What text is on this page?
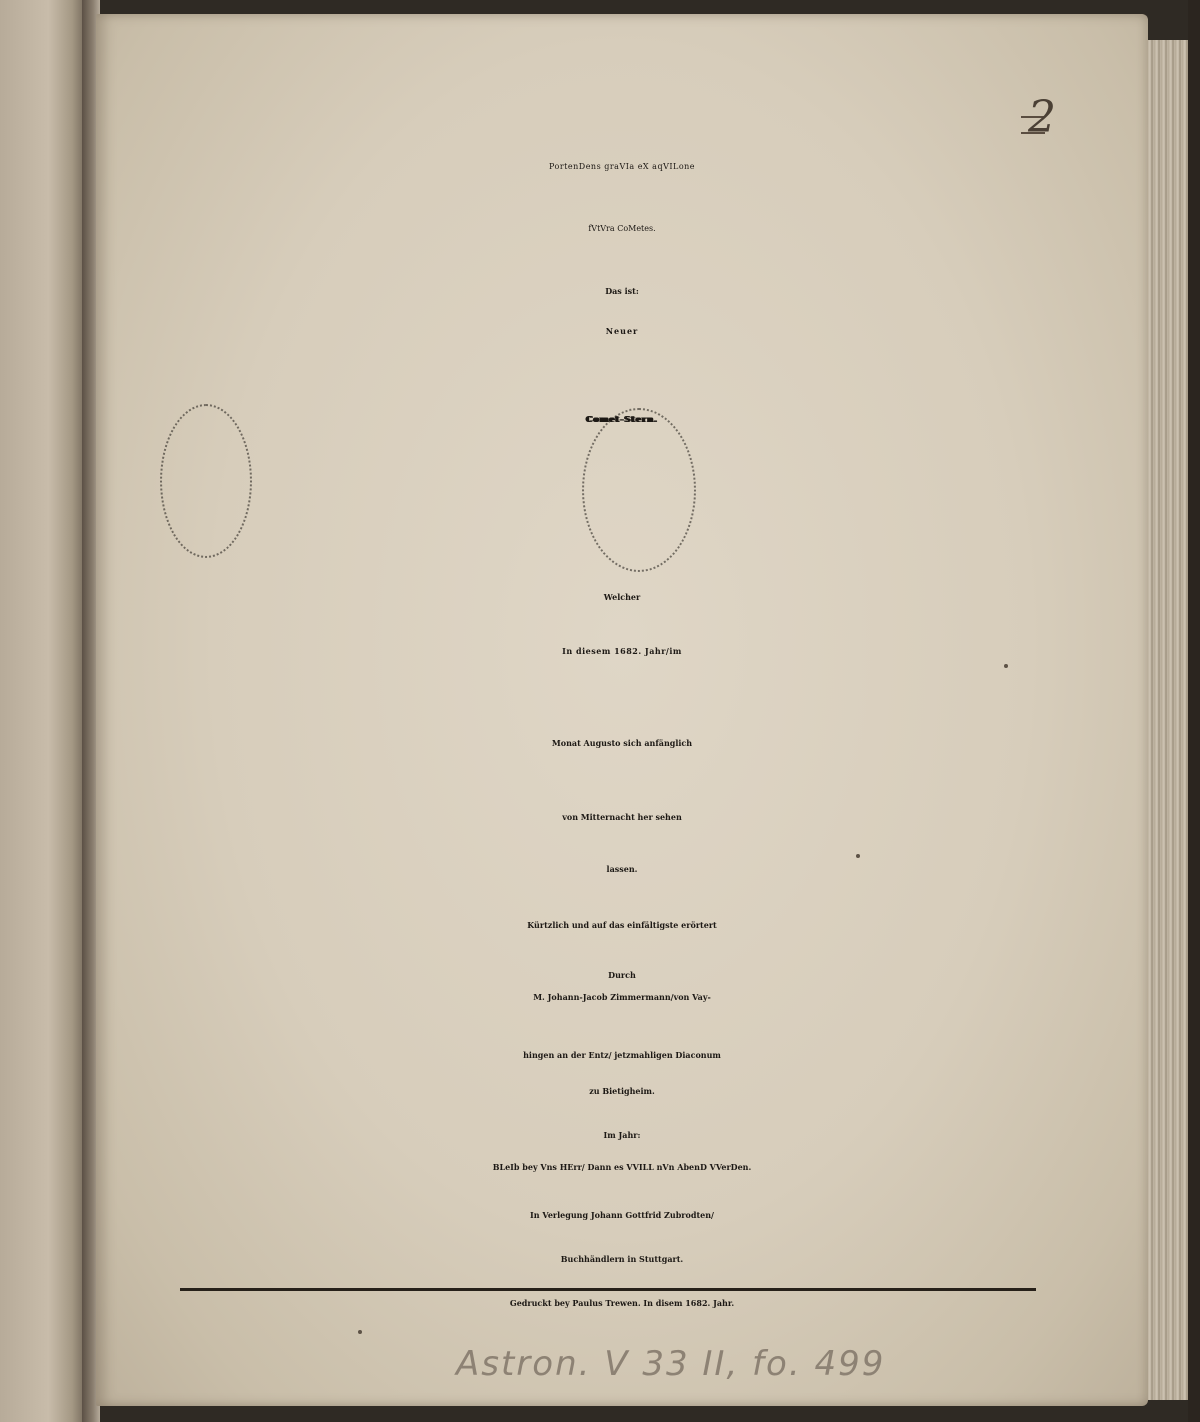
2
PortenDens graVIa eX aqVILone
fVtVra CoMetes.
Das ist:
Neuer
Comet-Stern.
Welcher
In diesem 1682. Jahr/im
Monat Augusto sich anfänglich
von Mitternacht her sehen
lassen.
Kürtzlich und auf das einfältigste erörtert
Durch
M. Johann-Jacob Zimmermann/von Vay-
hingen an der Entz/ jetzmahligen Diaconum
zu Bietigheim.
Im Jahr:
BLeIb bey Vns HErr/ Dann es VVILL nVn AbenD VVerDen.
In Verlegung Johann Gottfrid Zubrodten/
Buchhändlern in Stuttgart.
Gedruckt bey Paulus Trewen. In disem 1682. Jahr.
Astron. V 33 II, fo. 499
